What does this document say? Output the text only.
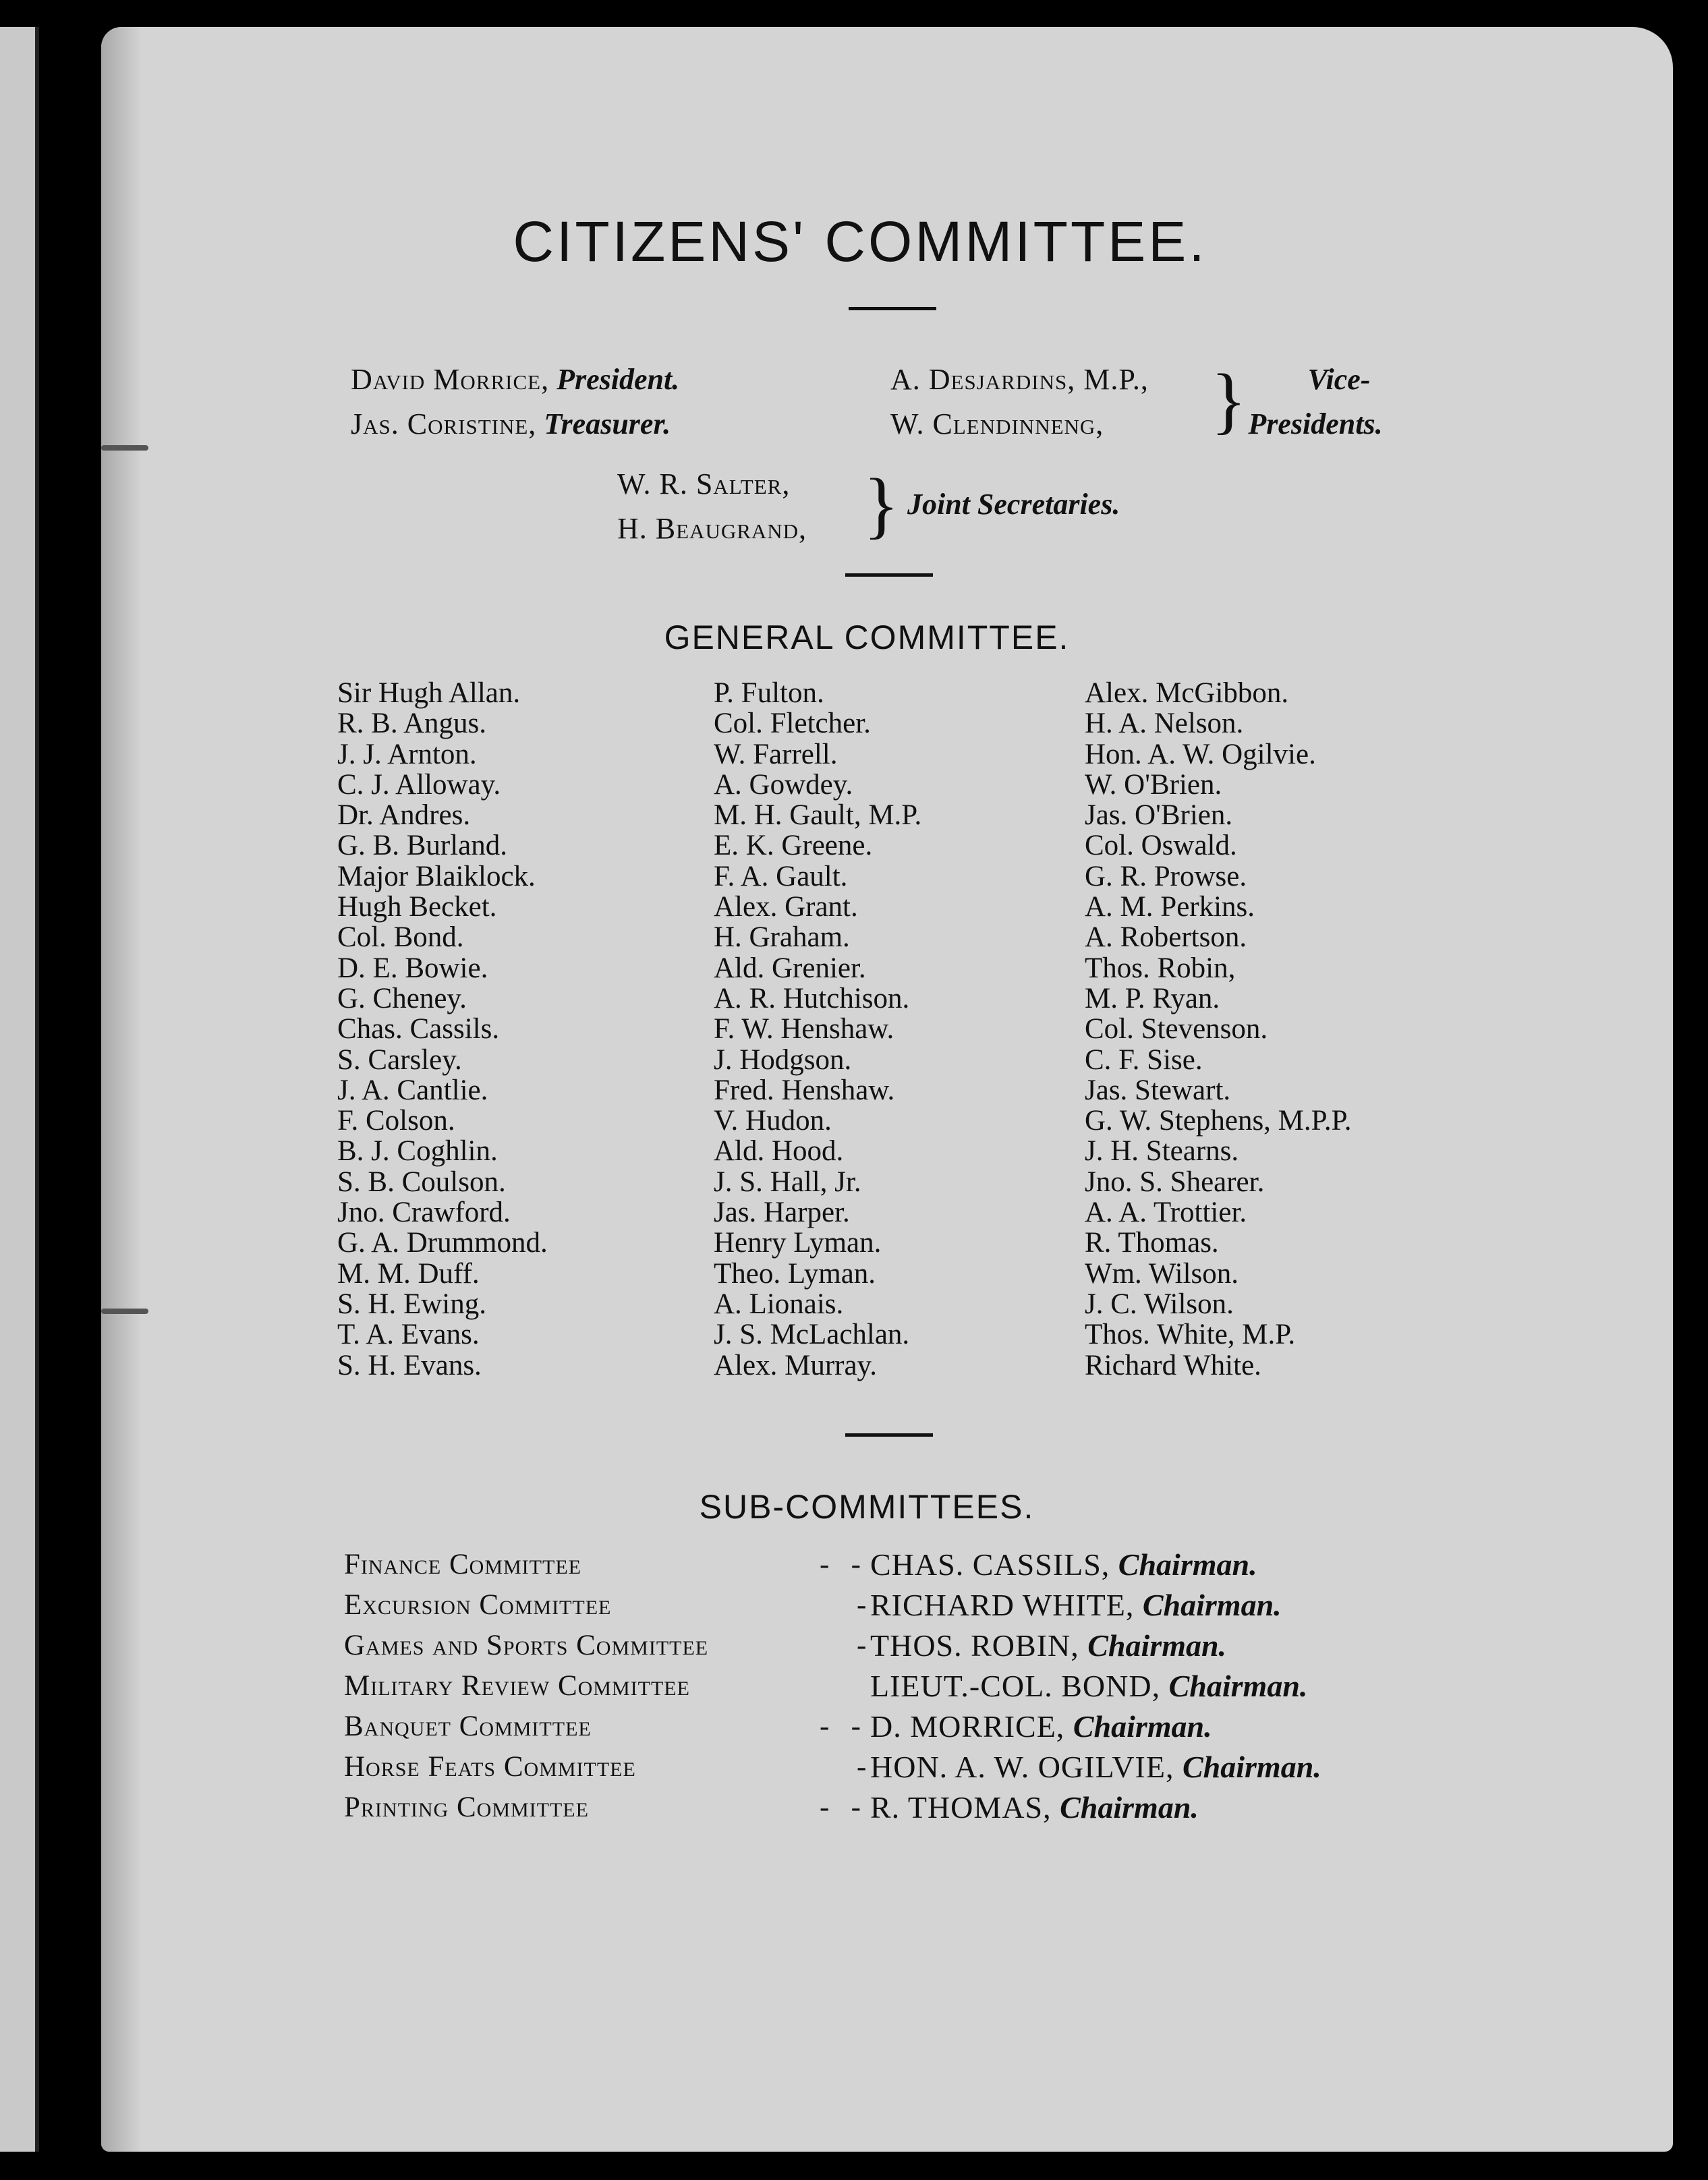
CITIZENS' COMMITTEE.
David Morrice, President.
Jas. Coristine, Treasurer.
A. Desjardins, M.P.,
W. Clendinneng,	}	Vice-
Presidents.
W. R. Salter,
H. Beaugrand, } Joint Secretaries.
GENERAL COMMITTEE.
Sir Hugh Allan.
R. B. Angus.
J. J. Arnton.
C. J. Alloway.
Dr. Andres.
G. B. Burland.
Major Blaiklock.
Hugh Becket.
Col. Bond.
D. E. Bowie.
G. Cheney.
Chas. Cassils.
S. Carsley.
J. A. Cantlie.
F. Colson.
B. J. Coghlin.
S. B. Coulson.
Jno. Crawford.
G. A. Drummond.
M. M. Duff.
S. H. Ewing.
T. A. Evans.
S. H. Evans.
P. Fulton.
Col. Fletcher.
W. Farrell.
A. Gowdey.
M. H. Gault, M.P.
E. K. Greene.
F. A. Gault.
Alex. Grant.
H. Graham.
Ald. Grenier.
A. R. Hutchison.
F. W. Henshaw.
J. Hodgson.
Fred. Henshaw.
V. Hudon.
Ald. Hood.
J. S. Hall, Jr.
Jas. Harper.
Henry Lyman.
Theo. Lyman.
A. Lionais.
J. S. McLachlan.
Alex. Murray.
Alex. McGibbon.
H. A. Nelson.
Hon. A. W. Ogilvie.
W. O'Brien.
Jas. O'Brien.
Col. Oswald.
G. R. Prowse.
A. M. Perkins.
A. Robertson.
Thos. Robin,
M. P. Ryan.
Col. Stevenson.
C. F. Sise.
Jas. Stewart.
G. W. Stephens, M.P.P.
J. H. Stearns.
Jno. S. Shearer.
A. A. Trottier.
R. Thomas.
Wm. Wilson.
J. C. Wilson.
Thos. White, M.P.
Richard White.
SUB-COMMITTEES.
Finance Committee	-   - CHAS. CASSILS, Chairman.
Excursion Committee	- RICHARD WHITE, Chairman.
Games and Sports Committee	- THOS. ROBIN, Chairman.
Military Review Committee	LIEUT.-COL. BOND, Chairman.
Banquet Committee	-   - D. MORRICE, Chairman.
Horse Feats Committee	- HON. A. W. OGILVIE, Chairman.
Printing Committee	-   - R. THOMAS, Chairman.
